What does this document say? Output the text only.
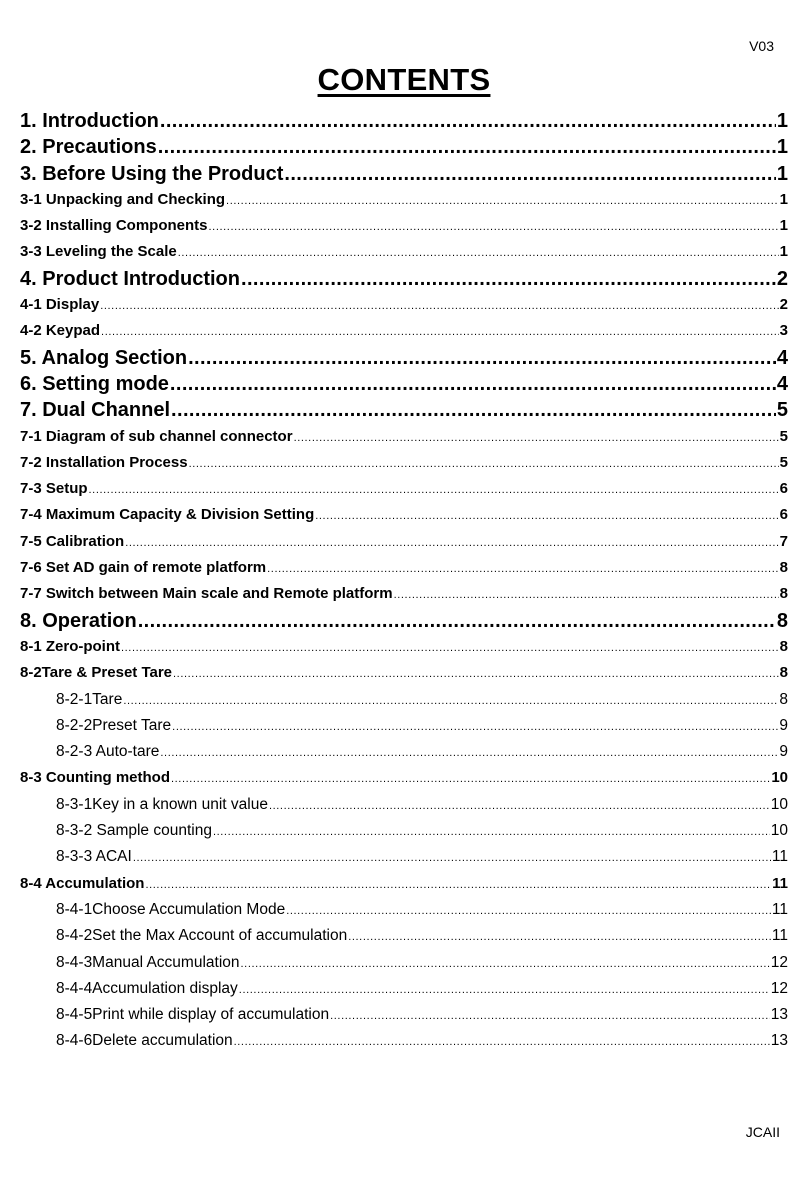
V03
CONTENTS
1. Introduction .....	1
2. Precautions .....	1
3. Before Using the Product .....	1
3-1 Unpacking and Checking .....	1
3-2 Installing Components .....	1
3-3 Leveling the Scale .....	1
4. Product Introduction .....	2
4-1 Display .....	2
4-2 Keypad .....	3
5. Analog Section .....	4
6. Setting mode .....	4
7. Dual Channel .....	5
7-1 Diagram of sub channel connector .....	5
7-2 Installation Process .....	5
7-3 Setup .....	6
7-4 Maximum Capacity & Division Setting .....	6
7-5 Calibration .....	7
7-6 Set AD gain of remote platform .....	8
7-7 Switch between Main scale and Remote platform .....	8
8. Operation .....	8
8-1 Zero-point .....	8
8-2Tare & Preset Tare .....	8
8-2-1Tare .....	8
8-2-2Preset Tare .....	9
8-2-3 Auto-tare .....	9
8-3 Counting method .....	10
8-3-1Key in a known unit value .....	10
8-3-2 Sample counting .....	10
8-3-3 ACAI .....	11
8-4 Accumulation .....	11
8-4-1Choose Accumulation Mode .....	11
8-4-2Set the Max Account of accumulation .....	11
8-4-3Manual Accumulation .....	12
8-4-4Accumulation display .....	12
8-4-5Print while display of accumulation .....	13
8-4-6Delete accumulation .....	13
JCAII
